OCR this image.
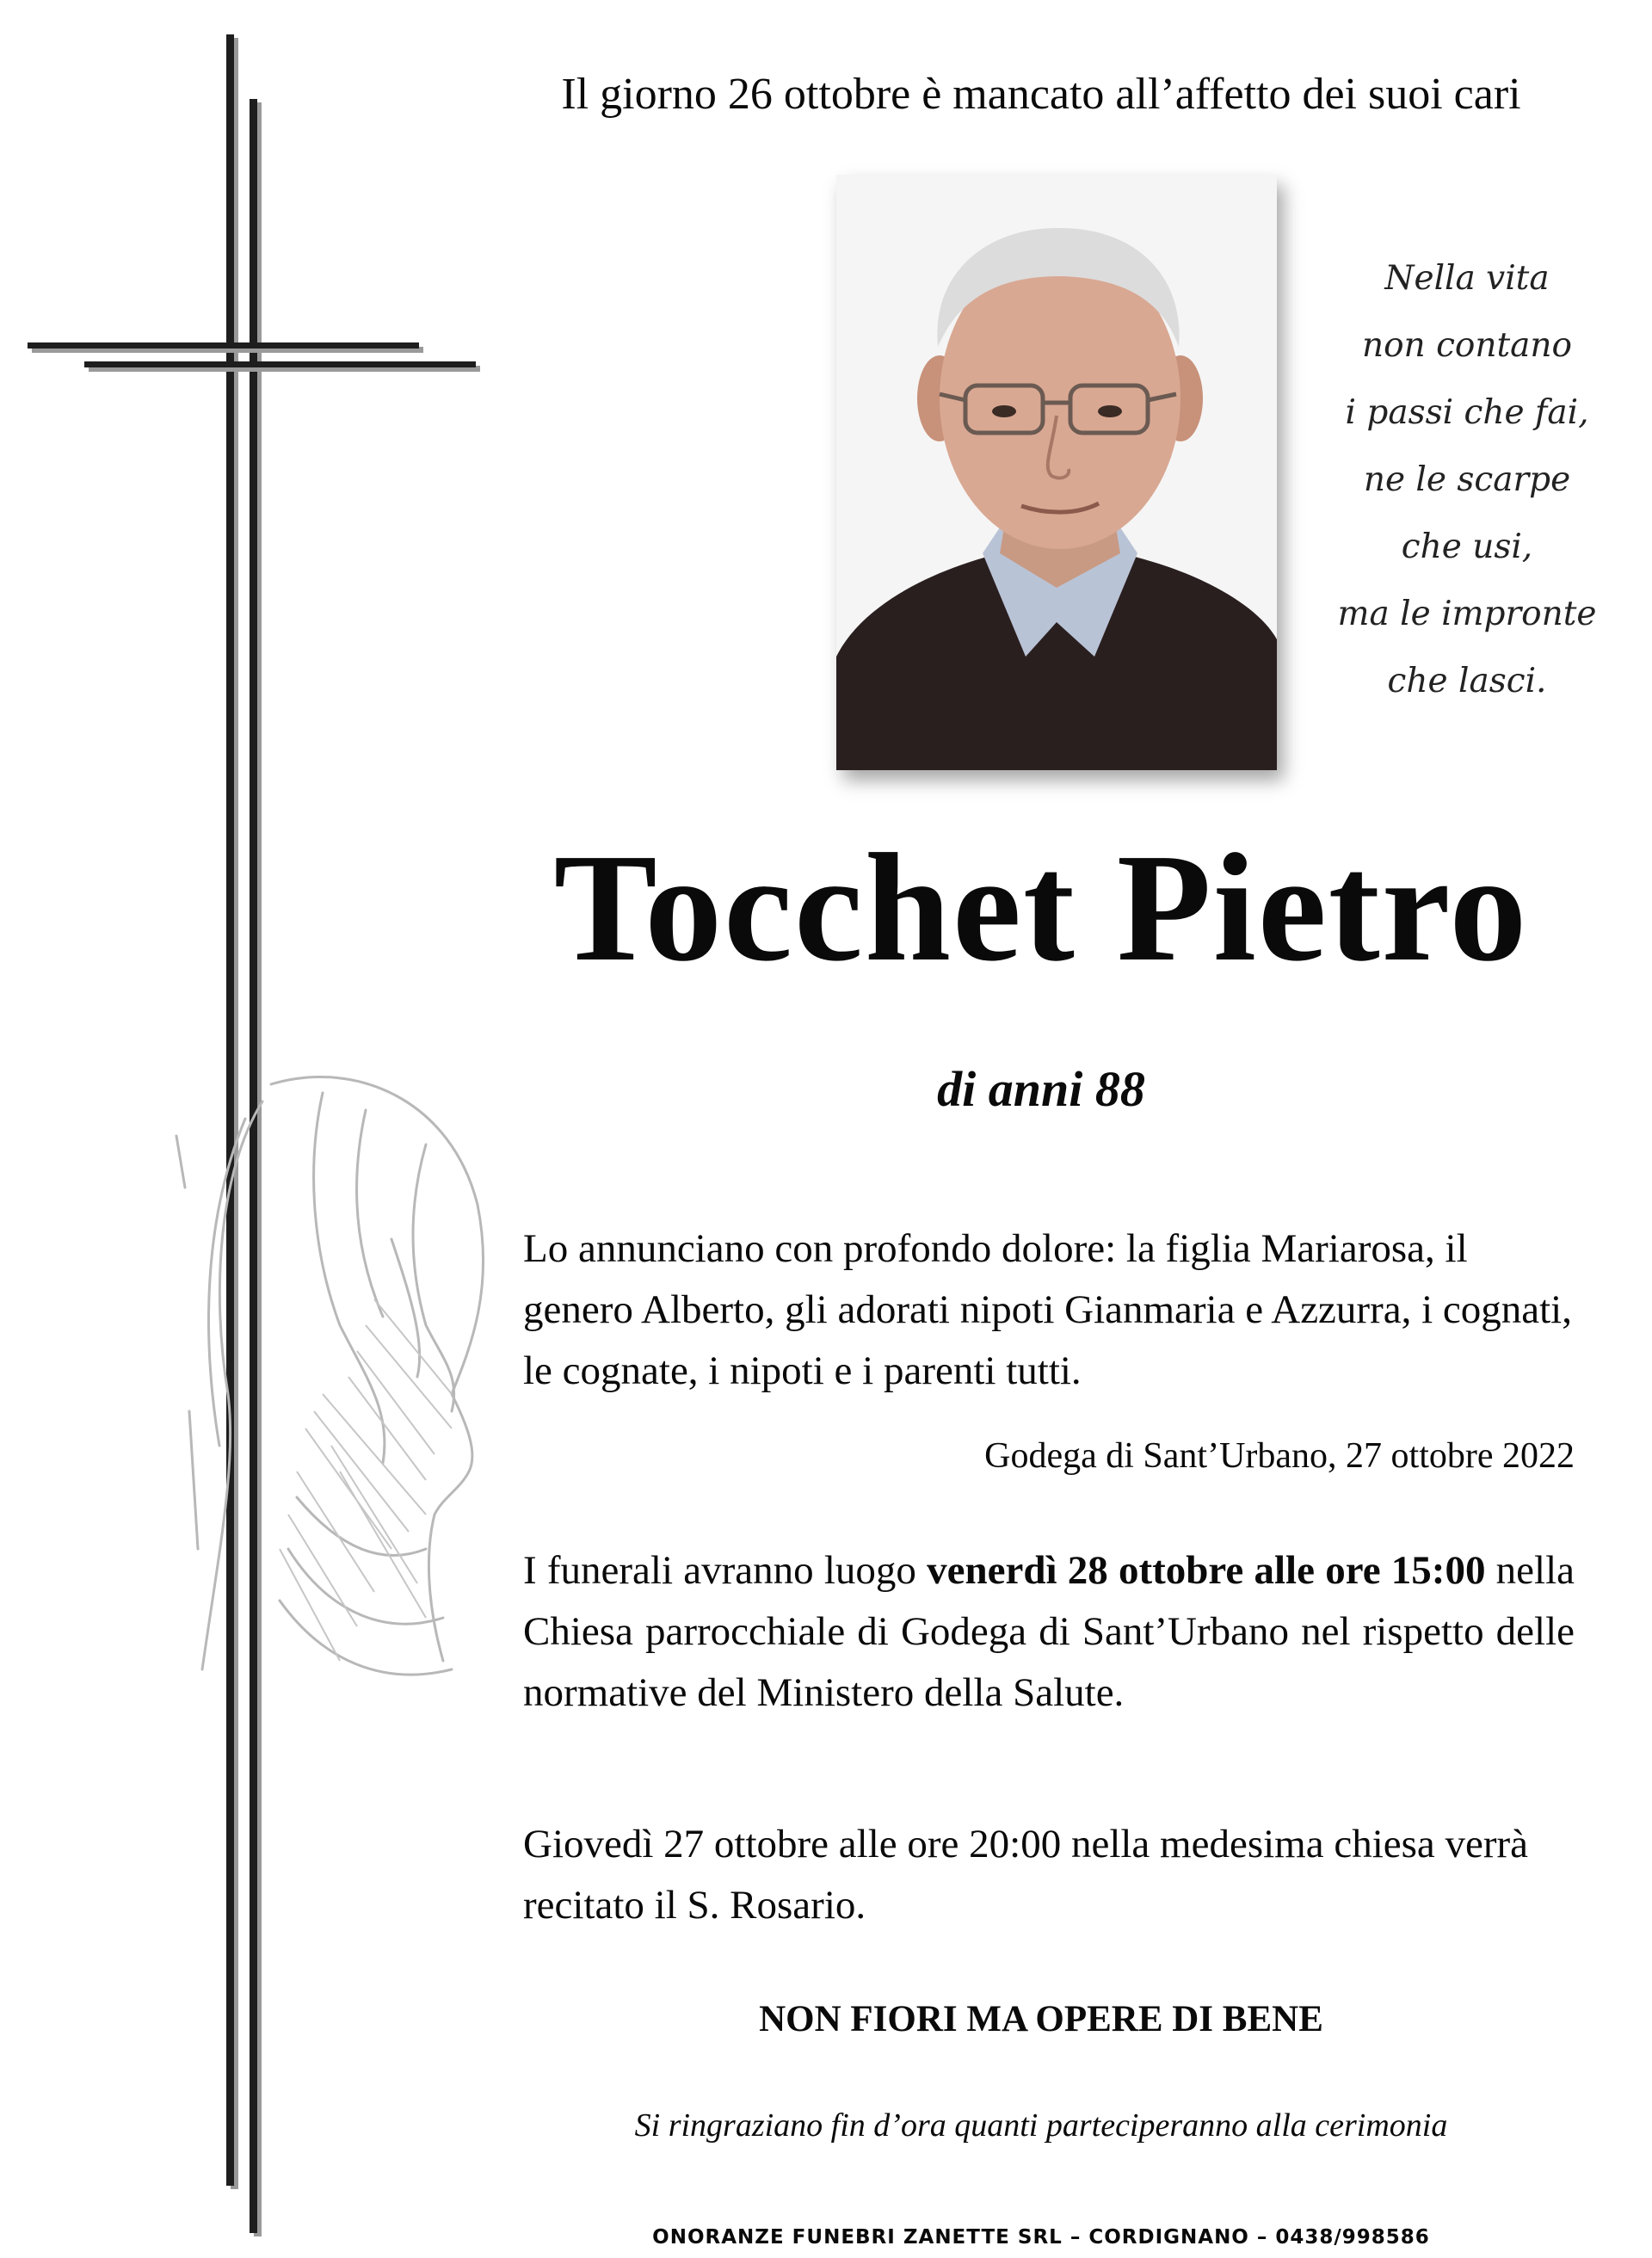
Il giorno 26 ottobre è mancato all’affetto dei suoi cari
Nella vita
non contano
i passi che fai,
ne le scarpe
che usi,
ma le impronte
che lasci.
Tocchet Pietro
di anni 88
Lo annunciano con profondo dolore: la figlia Mariarosa, il genero Alberto, gli adorati nipoti Gianmaria e Azzurra, i cognati, le cognate, i nipoti e i parenti tutti.
Godega di Sant’Urbano, 27 ottobre 2022
I funerali avranno luogo venerdì 28 ottobre alle ore 15:00 nella Chiesa parrocchiale di Godega di Sant’Urbano nel rispetto delle normative del Ministero della Salute.
Giovedì 27 ottobre alle ore 20:00 nella medesima chiesa verrà recitato il S. Rosario.
NON FIORI MA OPERE DI BENE
Si ringraziano fin d’ora quanti parteciperanno alla cerimonia
ONORANZE FUNEBRI ZANETTE SRL – CORDIGNANO – 0438/998586
